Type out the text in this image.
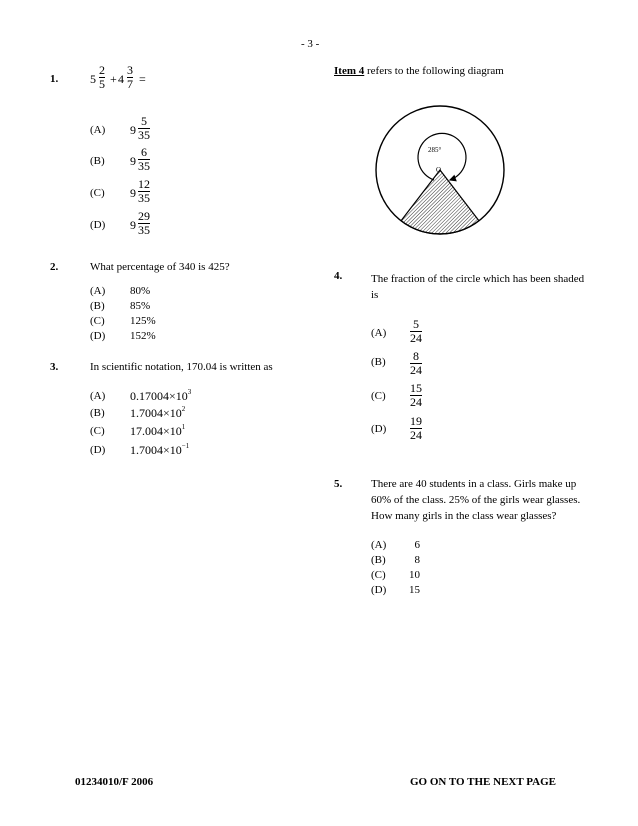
- 3 -
1.	5
2
5 + 4
3
7 =
(A) 9
5
35
(B) 9
6
35
(C) 9
12
35
(D) 9
29
35
2.	What percentage of 340 is 425?
(A) 80%
(B) 85%
(C) 125%
(D) 152%
3.	In scientific notation, 170.04 is written as
(A) $0.17004\times 10^3$
(B) $1.7004\times 10^2$
(C) $17.004\times 10^1$
(D) $1.7004\times 10^{-1}$
Item 4 refers to the following diagram
285°
O
4.	The fraction of the circle which has been shaded
is
(A)
5
24
(B) 8
24
(C)
15
24
(D)
19
24
5.	There are 40 students in a class. Girls make up
60% of the class. 25% of the girls wear glasses.
How many girls in the class wear glasses?
(A)	6
(B)	8
(C)	10
(D)	15
01234010/F 2006	GO ON TO THE NEXT PAGE
